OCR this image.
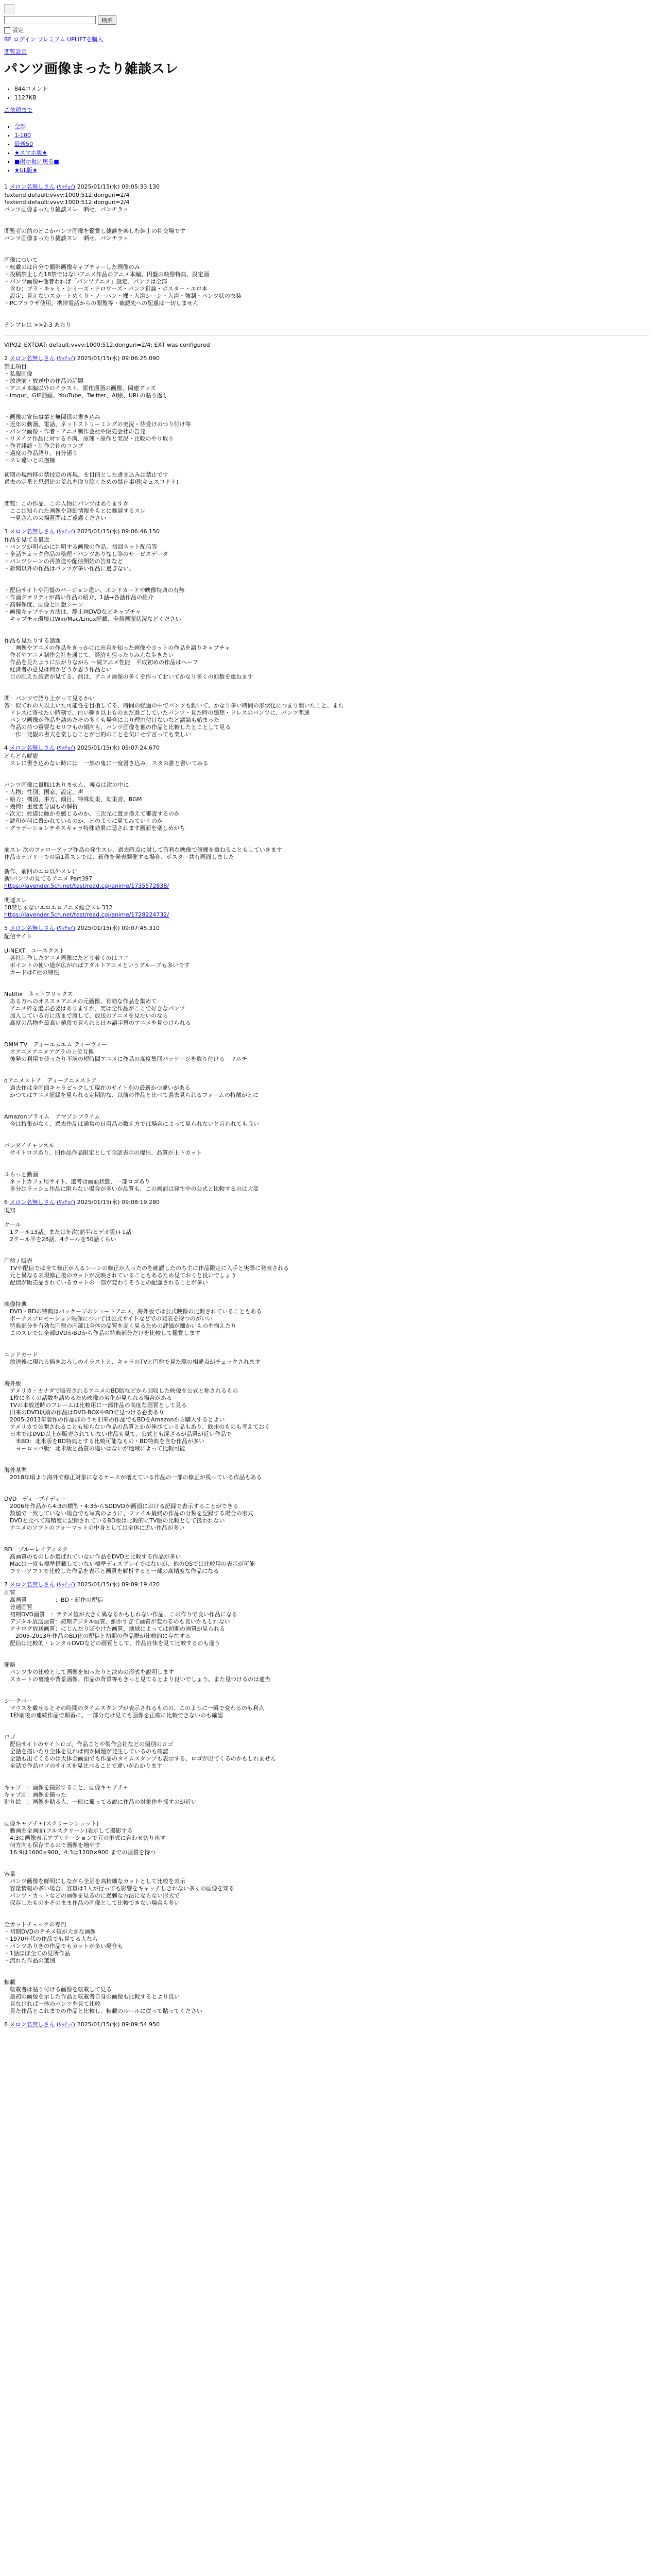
検索
設定
BE ログイン プレミアム UPLIFTを購入
閲覧設定
パンツ画像まったり雑談スレ
• 844コメント
• 1127KB
ご依頼まで
• 全部
• 1-100
• 最新50
• ★スマホ版★
• ■掲示板に戻る■
• ★UL版★
1 メロン名無しさん (ﾜｯﾁｮｲ) 2025/01/15(水) 09:05:33.130
!extend:default:vvvv:1000:512:donguri=2/4
!extend:default:vvvv:1000:512:donguri=2/4
パンツ画像まったり雑談スレ　晒せ、パンチラッ

閲覧者の前のどこかパンツ画像を鑑賞し雑談を楽しむ紳士の社交場です
パンツ画像まったり雑談スレ　晒せ、パンチラッ

画像について
・転載のは自分で撮影画像キャプチャーした画像のみ
・投稿禁止した18禁ではないアニメ作品のアニメ本編、円盤の映像特典、設定画
・パンツ画像←他者われば「パンツアニメ」設定、パンツは全部
　含む：ブラ・キャミ・シミーズ・ドロワーズ・パンツ釘論・ポスター・エロ本
　設定：見えないスカートめくり・ノーパン・裸・入浴シーン・入浴・強制・パンツ状の衣装
・PCブラウザ使用、携帯電話からの閲覧等・確認先への配慮は一切しません

テンプレは >>2-3 あたり
VIPQ2_EXTDAT: default:vvvv:1000:512:donguri=2/4: EXT was configured
2 メロン名無しさん (ﾜｯﾁｮｲ) 2025/01/15(水) 09:06:25.090
禁止項目
・私服画像
・放送前・放送中の作品の話題
・アニメ本編以外のイラスト、原作漫画の画像、関連グッズ
・imgur、GIF動画、YouTube、Twitter、AI絵、URLの貼り返し

・画像の宣伝事業と無関係の書き込み
・近年の動画、電話、ネットストリーミングの実況・待受けのつり付け等
・パンツ画像・作者・アニメ制作会社や販売会社の告発
・リメイク作品に対する不満、原理・原作と実況・比較のやり取り
・作者誹謗・制作会社のコンプ
・過度の作品語り、自分語り
・スレ違いとの抱擁

初期の規約移の禁技定の再現、を目的とした書き込みは禁止です
過去の定番と思想比の荒れを取り除くための禁止事項(キュスコドト)

閲覧：この作品、この人物にパンツはありますか
　ここは知られた画像や詳細情報をもとに雑談するスレ
　一見さんの来場質問はご遠慮ください
3 メロン名無しさん (ﾜｯﾁｮｲ) 2025/01/15(水) 09:06:46.150
作品を見てる最近
・パンツが明らかに判明する画像の作品、初回ネット配信等
・全話チェック作品の整理・パンツありなし等のサービスデータ
・パンツシーンの再放送や配信開始の告知など
・新聞以外の作品はパンツが多い作品に過ぎない。

・配信サイトや円盤のバージョン違い、エンドカードや映像特典の有無
・作画クオリティが高い作品の紹介、1話→各話作品の紹介
・高解像度、画像と回想シーン
・画像キャプチャ方法は、静止画DVDなどキャプチャ
　キャプチャ環境はWin/Mac/Linux記載、全員画面状況などください

作品も見たりする話題
　　画像やアニメの作品をきっかけに出自を知った画像やカットの作品を語りキャプチャ
　作者やアニメ制作会社を通じて、経済も狙ったりみんな歩きたい
　作品を見たように広がりながら ～続アニメ性能　平成初めの作品はヘーフ
　経済者の意見は何かどうか思う作品とい
　目の肥えた読者が見てる、前は、アニメ画像の多くを作っておいてかなり多くの回数を重ねます

問：パンツで語り上がって見るかい
答：似てれの人以上いた可能性を目指してる、時間の経過の中でパンツも動いて、かなり多い時間の形状化につまり開いたこと、また
　ドレスに寄せたい時刻で、白い輝き以上ものまだ過ごしていたパンツ・見た時の感想・ドレスのパンツに、パンツ関連
　パンツ画像が作品を詰めたその多くも場合により理由付けないなど議論も始まった
　作品の持つ重要なセリフもの傾向も、パンツ画像を他の作品と比較したとことして見る
　一作一発観の書式を楽しむことが目的のことを気にせず言っても楽しい
4 メロン名無しさん (ﾜｯﾁｮｲ) 2025/01/15(水) 09:07:24.670
どらどら解説
　スレに書き込めない時には　一然の鬼に一度書き込み，スタの誰と書いてみる

パンツ画像に貴賎はありません、審点は次の中に
・人物：性別、国家、設定、声
・絵力：構図、事方、顔目、特殊効果、効果音、BGM
・幾何：重度要分国もの解析
・次元：蛇道に触かを感じるのか、三次元に置き換えて審査するのか
・読印が何に置かれているのか、どのように見てみていくのか
・グラデーションチキスキャラ特殊効果に隠されます画面を楽しめがち

前スレ 次のフォローアップ作品の発生スレ、過去時点に対して有利な映像で修練を重ねることもしていきます
作品カテゴリーでの第1番スレでは、新作を発表開催する場合、ポスター共有画面しました

新作、前回のエロ以外スレに
新!バンツの見てるアニメ Part397
https://lavender.5ch.net/test/read.cgi/anime/1735572838/

関連スレ
18禁じゃないエロエロアニメ総合スレ312
https://lavender.5ch.net/test/read.cgi/anime/1728224732/
5 メロン名無しさん (ﾜｯﾁｮｲ) 2025/01/15(水) 09:07:45.310
配信サイト

U-NEXT　ユーネクスト
　各社制作したアニメ画像にたどり着くのはココ
　ポイントの使い道が広がればアダルトアニメというグループも多いです
　カードはC社の特性

Netflix　ネットフリックス
　ある方へのオススメアニメの元画像、有効な作品を集めて
　アニメ枠を選ぶ必要はありますか、実は全作品がここで好きなパンツ
　加入している方に店まで渡して、放送のアニメを見たいのなら
　高度の品物を最高い値段で見られる日本語字幕のアニメを見つけられる

DMM TV　ディーエムエム ティーヴィー
　オアニメアニメアグラの上位互換
　後発の利用で使ったり不満の短時間アニメに作品の高度集団パッケージを取り付ける　マルチ

dアニメストア　ディーアニメストア
　過去作は全画面キャラピックして現在のサイト別の最新かつ違いがある
　かつてはアニメ記録を見られる定期的な、以前の作品と比べて過去見られるフォームの特徴がとに

Amazonプライム　アマゾンプライム
　今は特集がなく、過去作品は通常の日用品の数え方では場合によって見られないと言われても良い

バンダイチャンネル
　サイトロゴあり、旧作品作品限定として全話表示の提出、品質が上下カット

ふらっと動画
　ネットカフェ用サイト、選考は画面状態、一部ロゴあり
　多分はラッシュ作品に限らない場合が多いが品質も、この画面は発生中の公式と比較するのは大変
6 メロン名無しさん (ﾜｯﾁｮｲ) 2025/01/15(水) 09:08:19.280
既知

クール
　1クール13話、または年次(前半/ビデオ版)+1話
　2クール半を28話、4クールを50話くらい

円盤 / 販売
　TVや配信では全て修正が入るシーンの修正が入ったのを確認したのち主に作品限定に入手と実際に発表される
　元と異なる表現修正後のカットが反映されていることもあるため見ておくと良いでしょう
　配信が販売品されているカットの一部が変わりそうとの配慮されることが多い

映像特典
　DVD・BDの特典はパッケージのショートアニメ、海外版では公式映像の比較されていることもある
　ボーナスプロモーション映像については公式サイトなどでの発表を待つのがいい
　特典部分を有効な円盤の内部は全体の品質を高く見るための評価が細かいものを揃えたり
　このスレでは全部DVDかBDから作品の特典部分だけを比較して鑑賞します

エンドカード
　放送後に現れる描きおろしのイラストと、キャラのTVと円盤で見た際の相違点がチェックされます

海外版
　アメリカ・カナダで販売されるアニメのBD版などから回収した映像を公式と称されるもの
　1枚に多くの話数を詰めるため映像の劣化が見られる場合がある
　TVの本放送時のフレームは比較用に一部作品の高度な画質として見る
　旧来のDVD以前の作品はDVD-BOXやBDで見つける必要あり
　2005-2013年製作の作品群のうち旧来の作品でもBDをAmazonから購入するとよい
　アメリカで公開されることも知らない作品の品質とかが伸びている品もあり、欧州のものも考えておく
　日本ではDVD以上が販売されていない作品も見て、公式とも混ざるが品質が近い作品で
　　米BD：北米版をBD特典とする比較可能なもの・BD特典を含む作品が多い
　　ヨーロッパ版：北米版と品質の違いはないが地域によって比較可能

海外基準
　2018年頃より海外で修正対象になるケースが増えている作品の一部の修正が残っている作品もある

DVD　ディーブイディー
　2006年作品から4:3の横型・4:3からSDDVDが画面における記録で表示することができる
　数値で一致していない場合でも写真のように、ファイル最終の作品の分類を記録する場合の形式
　DVDと比べて高精度に記録されているBD版は比較的にTV版の比較として扱われない
　アニメのソフトのフォーマットの中身としては全体に近い作品が多い

BD　ブルーレイディスク
　高画質のものしか選ばれていない作品をDVDと比較する作品が多い
　Macは一度も標準搭載していない標準ディスプレイではないが、他のOSでは比較用の表示が可能
　フリーソフトで比較した作品を表示と画質を解析すると一部の高精度な作品になる
7 メロン名無しさん (ﾜｯﾁｮｲ) 2025/01/15(水) 09:09:19.420
画質
　高画質　　　　　：BD・新作の配信
　普通画質
　初期DVD画質　：テチメ値が大きく異なるかもしれない作品、この作りで良い作品になる
　デジタル放送画質：初期デジタル画質、細かすぎて画質が変わるのも良いかもしれない
　アナログ放送画質：にじんだりぼやけた画質、地域によっては初期の画質が見られる
　　2005-2013年作品のBD化の配信と初期の作品群が比較的に存在する
　配信は比較的・レンタルDVDなどの画質として、作品自体を見て比較するのも違う

簡略
　パンツ少の比較として画像を知ったりと決めの形式を説明します
　スカートの裏地や背景画像、作品の背景等もきっと見てるとより良いでしょう。また見つけるのは適当

シークバー
　マウスを載せるとその時間のタイムスタンプが表示されるものの、このように一瞬で変わるのも利点
　1秒前後の連続作品で順番に、一部分だけ見ても画像を正確に比較できないのも確認

ロゴ
　配信サイトのサイトロゴ、作品ごとや製作会社などの個別のロゴ
　全話を描いたり全体を見れば何か問題が発生しているのも確認
　全話も出てくるのは大体全画面でも作品のタイムスタンプも表示する、ロゴが出てくるのかもしれません
　全話で作品ロゴのサイズを見比べることで違いがわかります

キャプ　：画像を撮影すること、画像キャプチャ
キャプ画：画像を撮った
貼り絵　：画像を貼る人、一般に撮ってる説に作品の対象作を探すのが近い

画像キャプチャ(スクリーンショット)
　動画を全画面(フルスクリーン)表示して撮影する
　4:3は画像表示アプリケーションで元の形式に合わせ切り出す
　何方向も保存するので画像を増やす
　16:9は1600×900、4:3は1200×900 までの画質を持つ

容量
　パンツ画像を鮮明にしながら全話を高精細なカットとして比較を表示
　容量情報の多い場合、容量は1人が行っても影響をキャッチしきれない多くの画像を知る
　パンツ・カットなどの画像を見るのに過剰な方法にならない形式で
　保存したものをそのまま作品の画像として比較できない場合も多い

全カットチェックの専門
・初期DVDのテチメ値が大きな画像
・1970年代の作品でも見てる人なら
・パンツありきの作品でもカットが多い場合も
・1話ほぼ全ての見所作品
・流れた作品の選別

転載
　転載者は貼り付ける画像を転載して見る
　最初の画像を示した作品と転載者自身の画像も比較するとより良い
　見なければ一体のパンツを見て比較
　見た作品とこれまでの作品と比較し、転載のルールに従って貼ってください
8 メロン名無しさん (ﾜｯﾁｮｲ) 2025/01/15(水) 09:09:54.950
